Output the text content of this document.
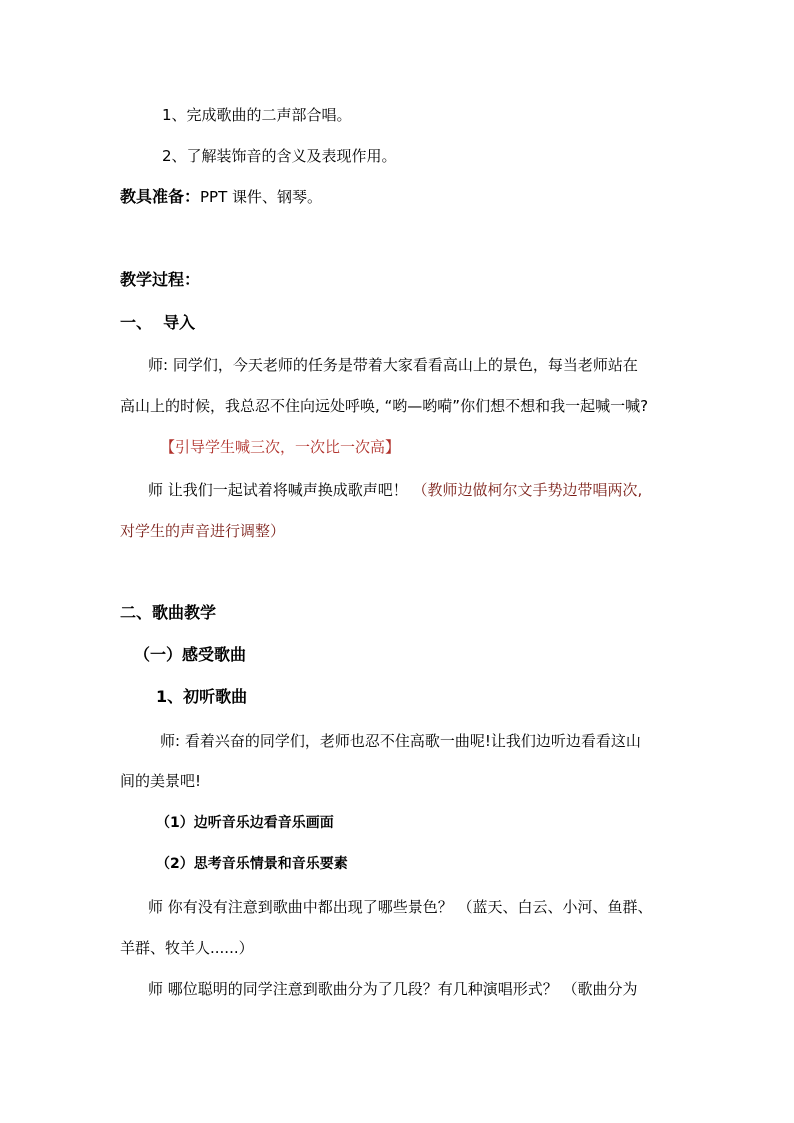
1、完成歌曲的二声部合唱。
2、了解装饰音的含义及表现作用。
教具准备：PPT 课件、钢琴。
教学过程：
一、  导入
师: 同学们，今天老师的任务是带着大家看看高山上的景色，每当老师站在
高山上的时候，我总忍不住向远处呼唤, “哟—哟嗬”你们想不想和我一起喊一喊?
【引导学生喊三次，一次比一次高】
师 让我们一起试着将喊声换成歌声吧！ （教师边做柯尔文手势边带唱两次,
对学生的声音进行调整）
二、歌曲教学
（一）感受歌曲
1、初听歌曲
师: 看着兴奋的同学们，老师也忍不住高歌一曲呢!让我们边听边看看这山
间的美景吧!
（1）边听音乐边看音乐画面
（2）思考音乐情景和音乐要素
师 你有没有注意到歌曲中都出现了哪些景色？ （蓝天、白云、小河、鱼群、
羊群、牧羊人......）
师 哪位聪明的同学注意到歌曲分为了几段？有几种演唱形式？ （歌曲分为
